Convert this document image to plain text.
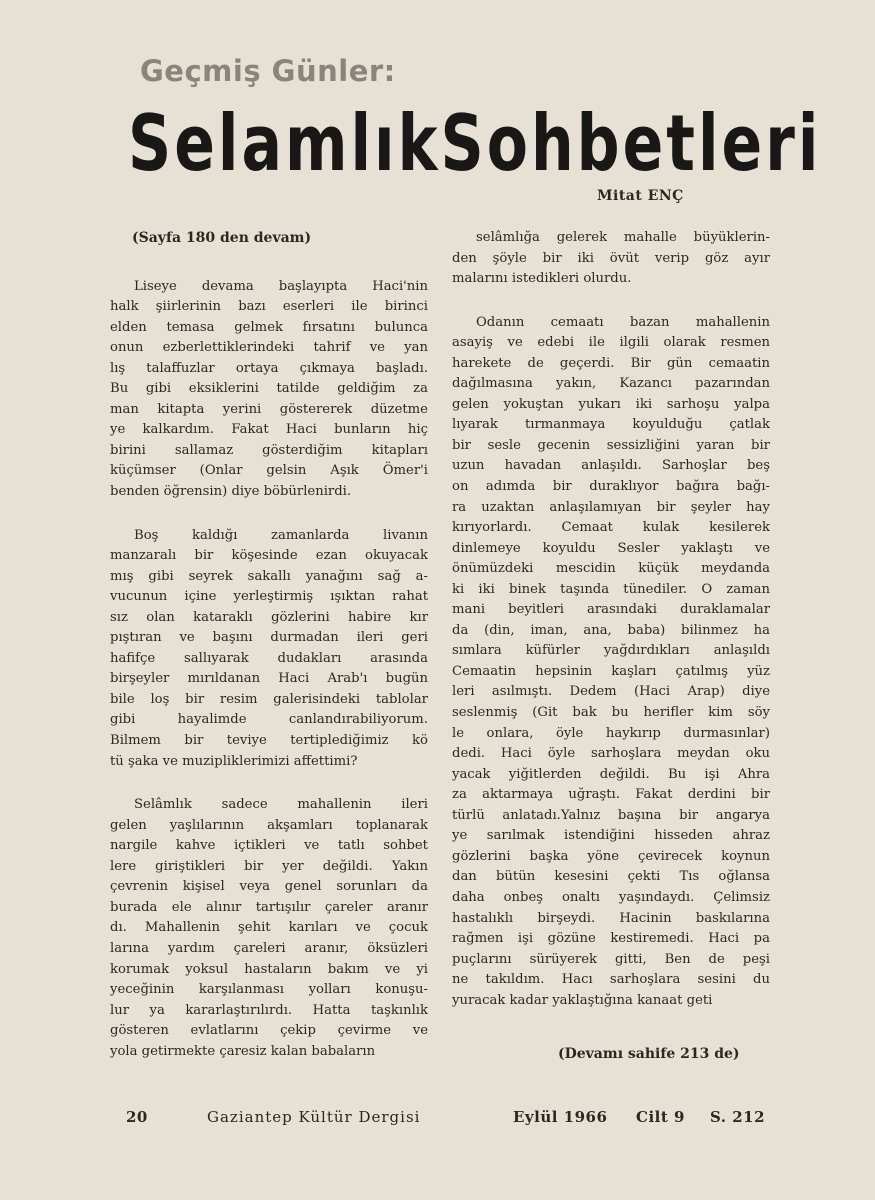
Geçmiş Günler:
Selamlık Sohbetleri
Mitat ENÇ
(Sayfa 180 den devam)
Liseye devama başlayıpta Haci'nin
halk şiirlerinin bazı eserleri ile birinci
elden temasa gelmek fırsatını bulunca
onun ezberlettiklerindeki tahrif ve yan
lış talaffuzlar ortaya çıkmaya başladı.
Bu gibi eksiklerini tatilde geldiğim za
man kitapta yerini göstererek düzetme
ye kalkardım. Fakat Haci bunların hiç
birini sallamaz gösterdiğim kitapları
küçümser (Onlar gelsin Aşık Ömer'i
benden öğrensin) diye böbürlenirdi.
Boş kaldığı zamanlarda livanın
manzaralı bir köşesinde ezan okuyacak
mış gibi seyrek sakallı yanağını sağ a-
vucunun içine yerleştirmiş ışıktan rahat
sız olan kataraklı gözlerini habire kır
pıştıran ve başını durmadan ileri geri
hafifçe sallıyarak dudakları arasında
birşeyler mırıldanan Haci Arab'ı bugün
bile loş bir resim galerisindeki tablolar
gibi hayalimde canlandırabiliyorum.
Bilmem bir teviye tertiplediğimiz kö
tü şaka ve muzipliklerimizi affettimi?
Selâmlık sadece mahallenin ileri
gelen yaşlılarının akşamları toplanarak
nargile kahve içtikleri ve tatlı sohbet
lere giriştikleri bir yer değildi. Yakın
çevrenin kişisel veya genel sorunları da
burada ele alınır tartışılır çareler aranır
dı. Mahallenin şehit karıları ve çocuk
larına yardım çareleri aranır, öksüzleri
korumak yoksul hastaların bakım ve yi
yeceğinin karşılanması yolları konuşu-
lur ya kararlaştırılırdı. Hatta taşkınlık
gösteren evlatlarını çekip çevirme ve
yola getirmekte çaresiz kalan babaların
selâmlığa gelerek mahalle büyüklerin-
den şöyle bir iki övüt verip göz ayır
malarını istedikleri olurdu.
Odanın cemaatı bazan mahallenin
asayiş ve edebi ile ilgili olarak resmen
harekete de geçerdi. Bir gün cemaatin
dağılmasına yakın, Kazancı pazarından
gelen yokuştan yukarı iki sarhoşu yalpa
lıyarak tırmanmaya koyulduğu çatlak
bir sesle gecenin sessizliğini yaran bir
uzun havadan anlaşıldı. Sarhoşlar beş
on adımda bir duraklıyor bağıra bağı-
ra uzaktan anlaşılamıyan bir şeyler hay
kırıyorlardı. Cemaat kulak kesilerek
dinlemeye koyuldu Sesler yaklaştı ve
önümüzdeki mescidin küçük meydanda
ki iki binek taşında tünediler. O zaman
mani beyitleri arasındaki duraklamalar
da (din, iman, ana, baba) bilinmez ha
sımlara küfürler yağdırdıkları anlaşıldı
Cemaatin hepsinin kaşları çatılmış yüz
leri asılmıştı. Dedem (Haci Arap) diye
seslenmiş (Git bak bu herifler kim söy
le onlara, öyle haykırıp durmasınlar)
dedi. Haci öyle sarhoşlara meydan oku
yacak yiğitlerden değildi. Bu işi Ahra
za aktarmaya uğraştı. Fakat derdini bir
türlü anlatadı.Yalnız başına bir angarya
ye sarılmak istendiğini hisseden ahraz
gözlerini başka yöne çevirecek koynun
dan bütün kesesini çekti Tıs oğlansa
daha onbeş onaltı yaşındaydı. Çelimsiz
hastalıklı birşeydi. Hacinin baskılarına
rağmen işi gözüne kestiremedi. Haci pa
puçlarını sürüyerek gitti, Ben de peşi
ne takıldım. Hacı sarhoşlara sesini du
yuracak kadar yaklaştığına kanaat geti
(Devamı sahife 213 de)
20	Gaziantep Kültür Dergisi	Eylül 1966 Cilt 9 S. 212
